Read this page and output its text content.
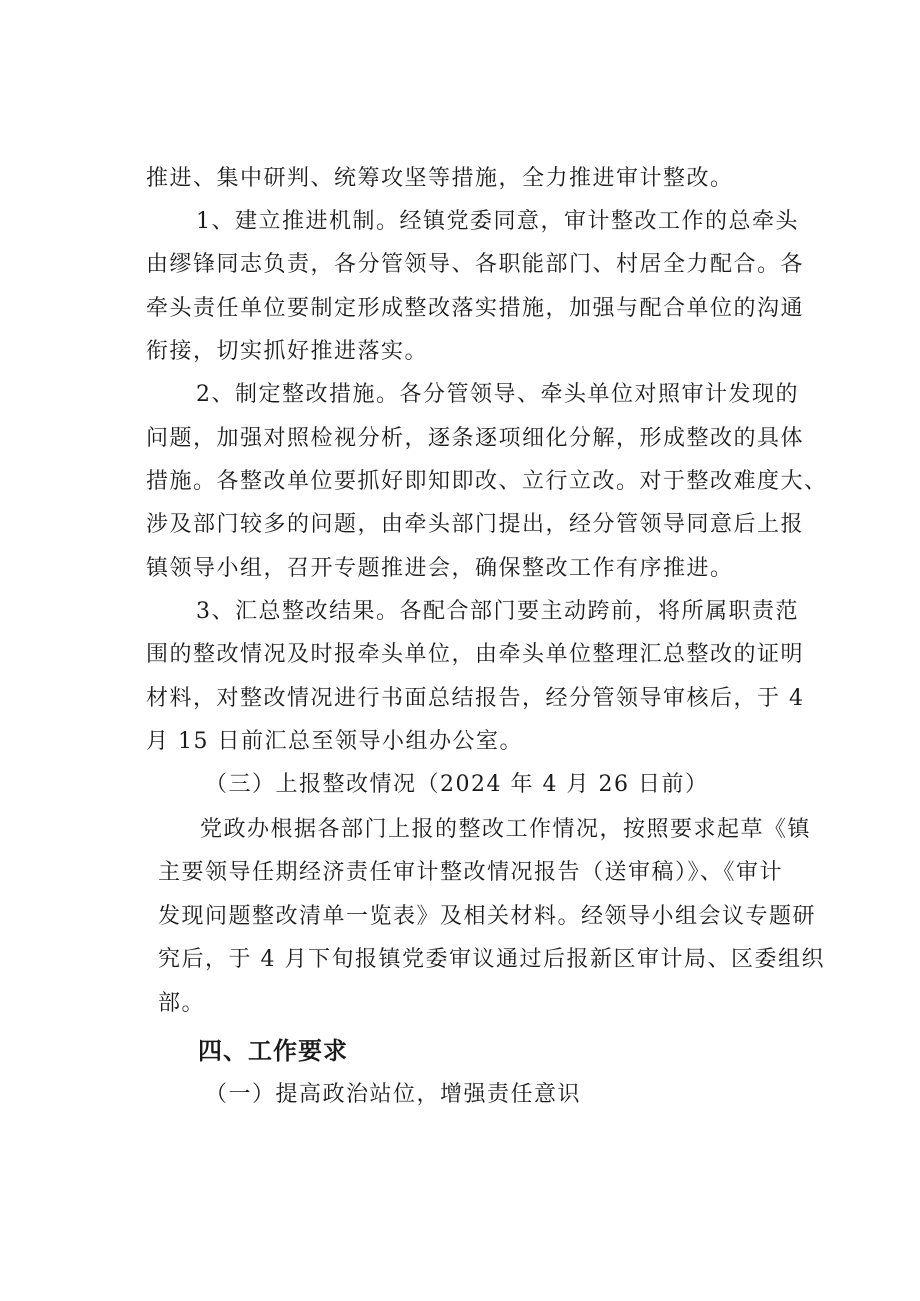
推进、集中研判、统筹攻坚等措施，全力推进审计整改。
1、建立推进机制。经镇党委同意，审计整改工作的总牵头
由缪锋同志负责，各分管领导、各职能部门、村居全力配合。各
牵头责任单位要制定形成整改落实措施，加强与配合单位的沟通
衔接，切实抓好推进落实。
2、制定整改措施。各分管领导、牵头单位对照审计发现的
问题，加强对照检视分析，逐条逐项细化分解，形成整改的具体
措施。各整改单位要抓好即知即改、立行立改。对于整改难度大、
涉及部门较多的问题，由牵头部门提出，经分管领导同意后上报
镇领导小组，召开专题推进会，确保整改工作有序推进。
3、汇总整改结果。各配合部门要主动跨前，将所属职责范
围的整改情况及时报牵头单位，由牵头单位整理汇总整改的证明
材料，对整改情况进行书面总结报告，经分管领导审核后，于 4
月 15 日前汇总至领导小组办公室。
（三）上报整改情况（2024 年 4 月 26 日前）
党政办根据各部门上报的整改工作情况，按照要求起草《镇
主要领导任期经济责任审计整改情况报告（送审稿）》、《审计
发现问题整改清单一览表》及相关材料。经领导小组会议专题研
究后，于 4 月下旬报镇党委审议通过后报新区审计局、区委组织
部。
四、工作要求
（一）提高政治站位，增强责任意识
